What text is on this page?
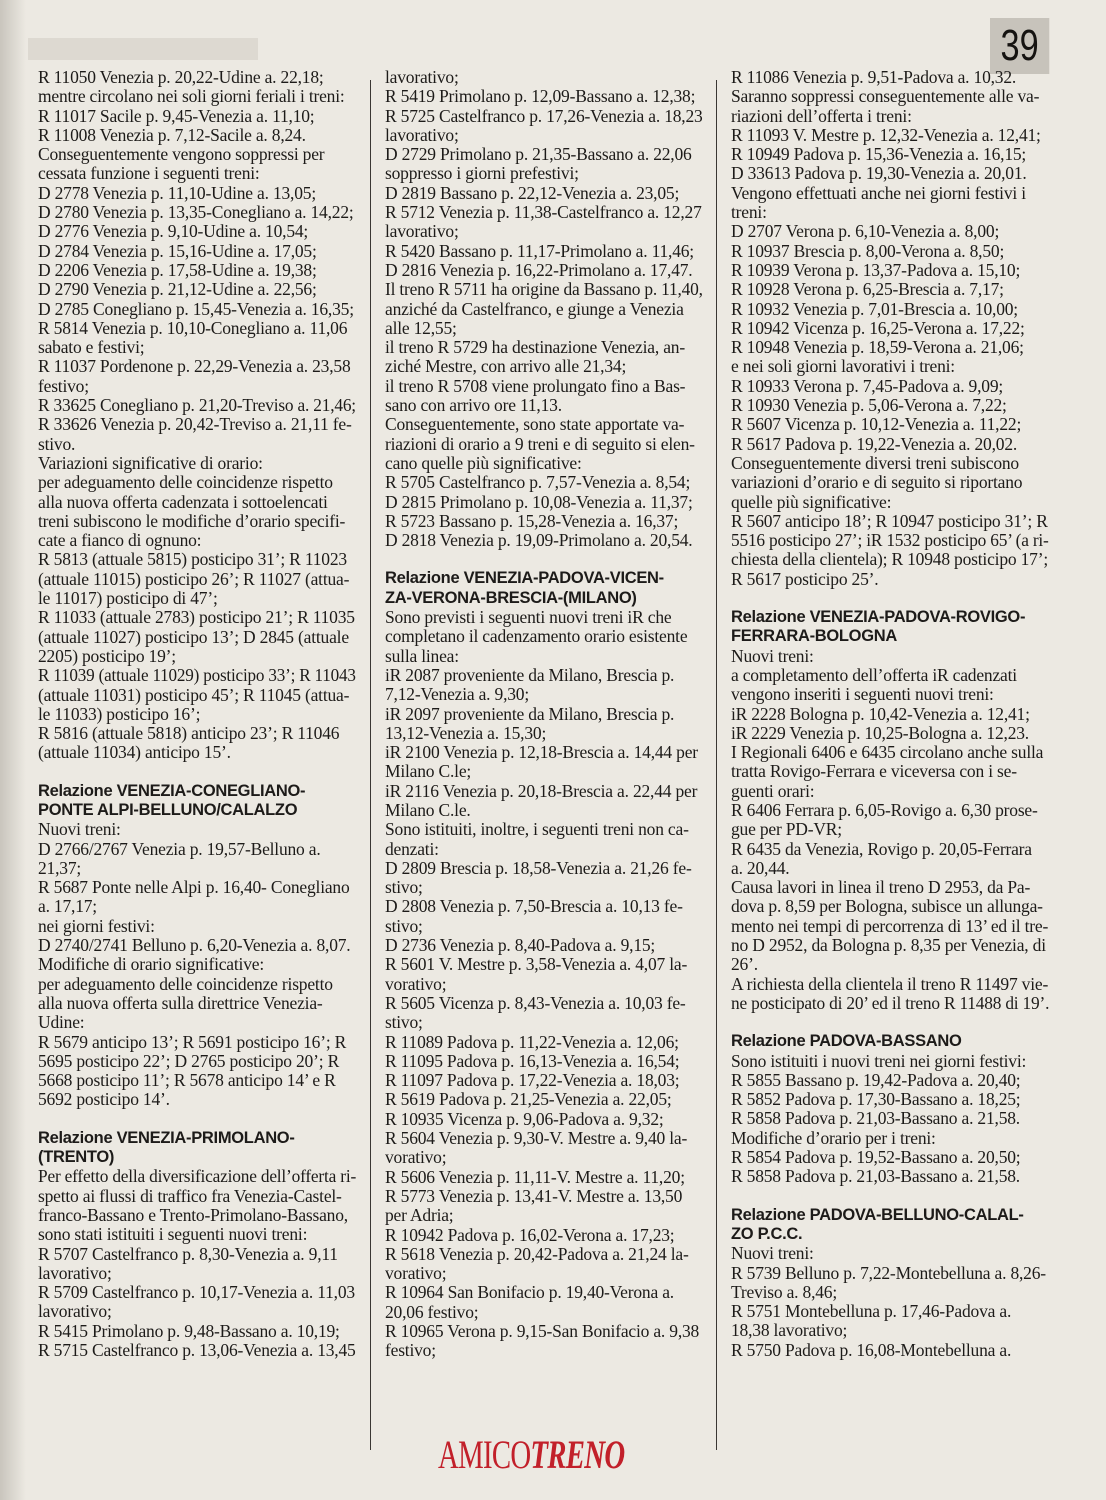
39
R 11050 Venezia p. 20,22-Udine a. 22,18;
mentre circolano nei soli giorni feriali i treni:
R 11017 Sacile p. 9,45-Venezia a. 11,10;
R 11008 Venezia p. 7,12-Sacile a. 8,24.
Conseguentemente vengono soppressi per
cessata funzione i seguenti treni:
D 2778 Venezia p. 11,10-Udine a. 13,05;
D 2780 Venezia p. 13,35-Conegliano a. 14,22;
D 2776 Venezia p. 9,10-Udine a. 10,54;
D 2784 Venezia p. 15,16-Udine a. 17,05;
D 2206 Venezia p. 17,58-Udine a. 19,38;
D 2790 Venezia p. 21,12-Udine a. 22,56;
D 2785 Conegliano p. 15,45-Venezia a. 16,35;
R 5814 Venezia p. 10,10-Conegliano a. 11,06
sabato e festivi;
R 11037 Pordenone p. 22,29-Venezia a. 23,58
festivo;
R 33625 Conegliano p. 21,20-Treviso a. 21,46;
R 33626 Venezia p. 20,42-Treviso a. 21,11 fe-
stivo.
Variazioni significative di orario:
per adeguamento delle coincidenze rispetto
alla nuova offerta cadenzata i sottoelencati
treni subiscono le modifiche d’orario specifi-
cate a fianco di ognuno:
R 5813 (attuale 5815) posticipo 31’; R 11023
(attuale 11015) posticipo 26’; R 11027 (attua-
le 11017) posticipo di 47’;
R 11033 (attuale 2783) posticipo 21’; R 11035
(attuale 11027) posticipo 13’; D 2845 (attuale
2205) posticipo 19’;
R 11039 (attuale 11029) posticipo 33’; R 11043
(attuale 11031) posticipo 45’; R 11045 (attua-
le 11033) posticipo 16’;
R 5816 (attuale 5818) anticipo 23’; R 11046
(attuale 11034) anticipo 15’.
Relazione VENEZIA-CONEGLIANO-
PONTE ALPI-BELLUNO/CALALZO
Nuovi treni:
D 2766/2767 Venezia p. 19,57-Belluno a.
21,37;
R 5687 Ponte nelle Alpi p. 16,40- Conegliano
a. 17,17;
nei giorni festivi:
D 2740/2741 Belluno p. 6,20-Venezia a. 8,07.
Modifiche di orario significative:
per adeguamento delle coincidenze rispetto
alla nuova offerta sulla direttrice Venezia-
Udine:
R 5679 anticipo 13’; R 5691 posticipo 16’; R
5695 posticipo 22’; D 2765 posticipo 20’; R
5668 posticipo 11’; R 5678 anticipo 14’ e R
5692 posticipo 14’.
Relazione VENEZIA-PRIMOLANO-
(TRENTO)
Per effetto della diversificazione dell’offerta ri-
spetto ai flussi di traffico fra Venezia-Castel-
franco-Bassano e Trento-Primolano-Bassano,
sono stati istituiti i seguenti nuovi treni:
R 5707 Castelfranco p. 8,30-Venezia a. 9,11
lavorativo;
R 5709 Castelfranco p. 10,17-Venezia a. 11,03
lavorativo;
R 5415 Primolano p. 9,48-Bassano a. 10,19;
R 5715 Castelfranco p. 13,06-Venezia a. 13,45
lavorativo;
R 5419 Primolano p. 12,09-Bassano a. 12,38;
R 5725 Castelfranco p. 17,26-Venezia a. 18,23
lavorativo;
D 2729 Primolano p. 21,35-Bassano a. 22,06
soppresso i giorni prefestivi;
D 2819 Bassano p. 22,12-Venezia a. 23,05;
R 5712 Venezia p. 11,38-Castelfranco a. 12,27
lavorativo;
R 5420 Bassano p. 11,17-Primolano a. 11,46;
D 2816 Venezia p. 16,22-Primolano a. 17,47.
Il treno R 5711 ha origine da Bassano p. 11,40,
anziché da Castelfranco, e giunge a Venezia
alle 12,55;
il treno R 5729 ha destinazione Venezia, an-
ziché Mestre, con arrivo alle 21,34;
il treno R 5708 viene prolungato fino a Bas-
sano con arrivo ore 11,13.
Conseguentemente, sono state apportate va-
riazioni di orario a 9 treni e di seguito si elen-
cano quelle più significative:
R 5705 Castelfranco p. 7,57-Venezia a. 8,54;
D 2815 Primolano p. 10,08-Venezia a. 11,37;
R 5723 Bassano p. 15,28-Venezia a. 16,37;
D 2818 Venezia p. 19,09-Primolano a. 20,54.
Relazione VENEZIA-PADOVA-VICEN-
ZA-VERONA-BRESCIA-(MILANO)
Sono previsti i seguenti nuovi treni iR che
completano il cadenzamento orario esistente
sulla linea:
iR 2087 proveniente da Milano, Brescia p.
7,12-Venezia a. 9,30;
iR 2097 proveniente da Milano, Brescia p.
13,12-Venezia a. 15,30;
iR 2100 Venezia p. 12,18-Brescia a. 14,44 per
Milano C.le;
iR 2116 Venezia p. 20,18-Brescia a. 22,44 per
Milano C.le.
Sono istituiti, inoltre, i seguenti treni non ca-
denzati:
D 2809 Brescia p. 18,58-Venezia a. 21,26 fe-
stivo;
D 2808 Venezia p. 7,50-Brescia a. 10,13 fe-
stivo;
D 2736 Venezia p. 8,40-Padova a. 9,15;
R 5601 V. Mestre p. 3,58-Venezia a. 4,07 la-
vorativo;
R 5605 Vicenza p. 8,43-Venezia a. 10,03 fe-
stivo;
R 11089 Padova p. 11,22-Venezia a. 12,06;
R 11095 Padova p. 16,13-Venezia a. 16,54;
R 11097 Padova p. 17,22-Venezia a. 18,03;
R 5619 Padova p. 21,25-Venezia a. 22,05;
R 10935 Vicenza p. 9,06-Padova a. 9,32;
R 5604 Venezia p. 9,30-V. Mestre a. 9,40 la-
vorativo;
R 5606 Venezia p. 11,11-V. Mestre a. 11,20;
R 5773 Venezia p. 13,41-V. Mestre a. 13,50
per Adria;
R 10942 Padova p. 16,02-Verona a. 17,23;
R 5618 Venezia p. 20,42-Padova a. 21,24 la-
vorativo;
R 10964 San Bonifacio p. 19,40-Verona a.
20,06 festivo;
R 10965 Verona p. 9,15-San Bonifacio a. 9,38
festivo;
R 11086 Venezia p. 9,51-Padova a. 10,32.
Saranno soppressi conseguentemente alle va-
riazioni dell’offerta i treni:
R 11093 V. Mestre p. 12,32-Venezia a. 12,41;
R 10949 Padova p. 15,36-Venezia a. 16,15;
D 33613 Padova p. 19,30-Venezia a. 20,01.
Vengono effettuati anche nei giorni festivi i
treni:
D 2707 Verona p. 6,10-Venezia a. 8,00;
R 10937 Brescia p. 8,00-Verona a. 8,50;
R 10939 Verona p. 13,37-Padova a. 15,10;
R 10928 Verona p. 6,25-Brescia a. 7,17;
R 10932 Venezia p. 7,01-Brescia a. 10,00;
R 10942 Vicenza p. 16,25-Verona a. 17,22;
R 10948 Venezia p. 18,59-Verona a. 21,06;
e nei soli giorni lavorativi i treni:
R 10933 Verona p. 7,45-Padova a. 9,09;
R 10930 Venezia p. 5,06-Verona a. 7,22;
R 5607 Vicenza p. 10,12-Venezia a. 11,22;
R 5617 Padova p. 19,22-Venezia a. 20,02.
Conseguentemente diversi treni subiscono
variazioni d’orario e di seguito si riportano
quelle più significative:
R 5607 anticipo 18’; R 10947 posticipo 31’; R
5516 posticipo 27’; iR 1532 posticipo 65’ (a ri-
chiesta della clientela); R 10948 posticipo 17’;
R 5617 posticipo 25’.
Relazione VENEZIA-PADOVA-ROVIGO-
FERRARA-BOLOGNA
Nuovi treni:
a completamento dell’offerta iR cadenzati
vengono inseriti i seguenti nuovi treni:
iR 2228 Bologna p. 10,42-Venezia a. 12,41;
iR 2229 Venezia p. 10,25-Bologna a. 12,23.
I Regionali 6406 e 6435 circolano anche sulla
tratta Rovigo-Ferrara e viceversa con i se-
guenti orari:
R 6406 Ferrara p. 6,05-Rovigo a. 6,30 prose-
gue per PD-VR;
R 6435 da Venezia, Rovigo p. 20,05-Ferrara
a. 20,44.
Causa lavori in linea il treno D 2953, da Pa-
dova p. 8,59 per Bologna, subisce un allunga-
mento nei tempi di percorrenza di 13’ ed il tre-
no D 2952, da Bologna p. 8,35 per Venezia, di
26’.
A richiesta della clientela il treno R 11497 vie-
ne posticipato di 20’ ed il treno R 11488 di 19’.
Relazione PADOVA-BASSANO
Sono istituiti i nuovi treni nei giorni festivi:
R 5855 Bassano p. 19,42-Padova a. 20,40;
R 5852 Padova p. 17,30-Bassano a. 18,25;
R 5858 Padova p. 21,03-Bassano a. 21,58.
Modifiche d’orario per i treni:
R 5854 Padova p. 19,52-Bassano a. 20,50;
R 5858 Padova p. 21,03-Bassano a. 21,58.
Relazione PADOVA-BELLUNO-CALAL-
ZO P.C.C.
Nuovi treni:
R 5739 Belluno p. 7,22-Montebelluna a. 8,26-
Treviso a. 8,46;
R 5751 Montebelluna p. 17,46-Padova a.
18,38 lavorativo;
R 5750 Padova p. 16,08-Montebelluna a.
AMICOTRENO
